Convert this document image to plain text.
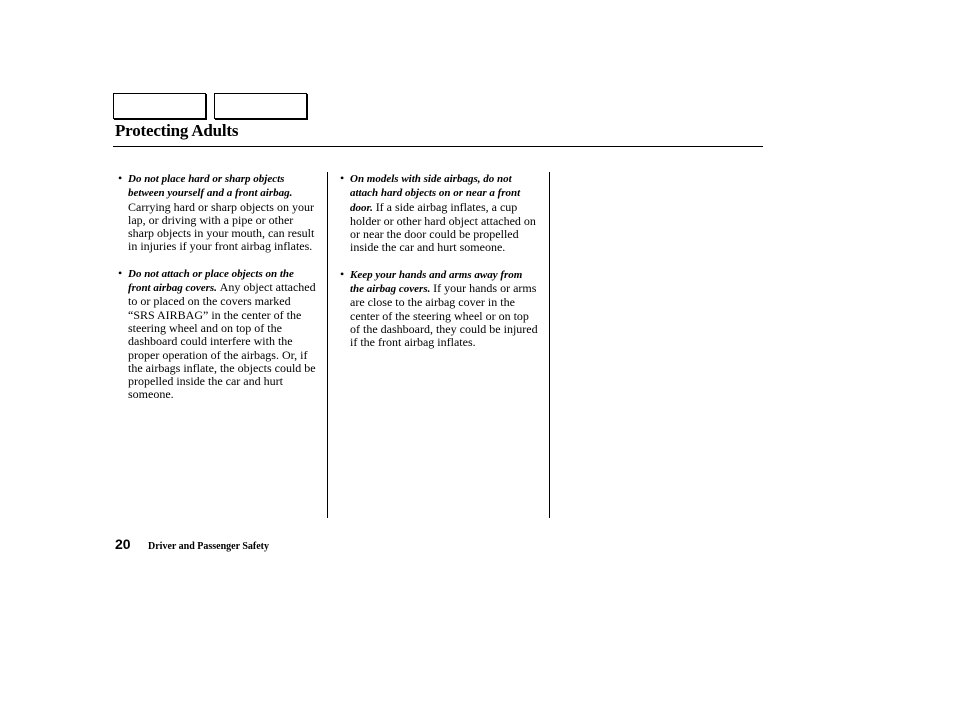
Protecting Adults
• Do not place hard or sharp objects between yourself and a front airbag. Carrying hard or sharp objects on your lap, or driving with a pipe or other sharp objects in your mouth, can result in injuries if your front airbag inflates.
• Do not attach or place objects on the front airbag covers. Any object attached to or placed on the covers marked “SRS AIRBAG” in the center of the steering wheel and on top of the dashboard could interfere with the proper operation of the airbags. Or, if the airbags inflate, the objects could be propelled inside the car and hurt someone.
• On models with side airbags, do not attach hard objects on or near a front door. If a side airbag inflates, a cup holder or other hard object attached on or near the door could be propelled inside the car and hurt someone.
• Keep your hands and arms away from the airbag covers. If your hands or arms are close to the airbag cover in the center of the steering wheel or on top of the dashboard, they could be injured if the front airbag inflates.
20 Driver and Passenger Safety
